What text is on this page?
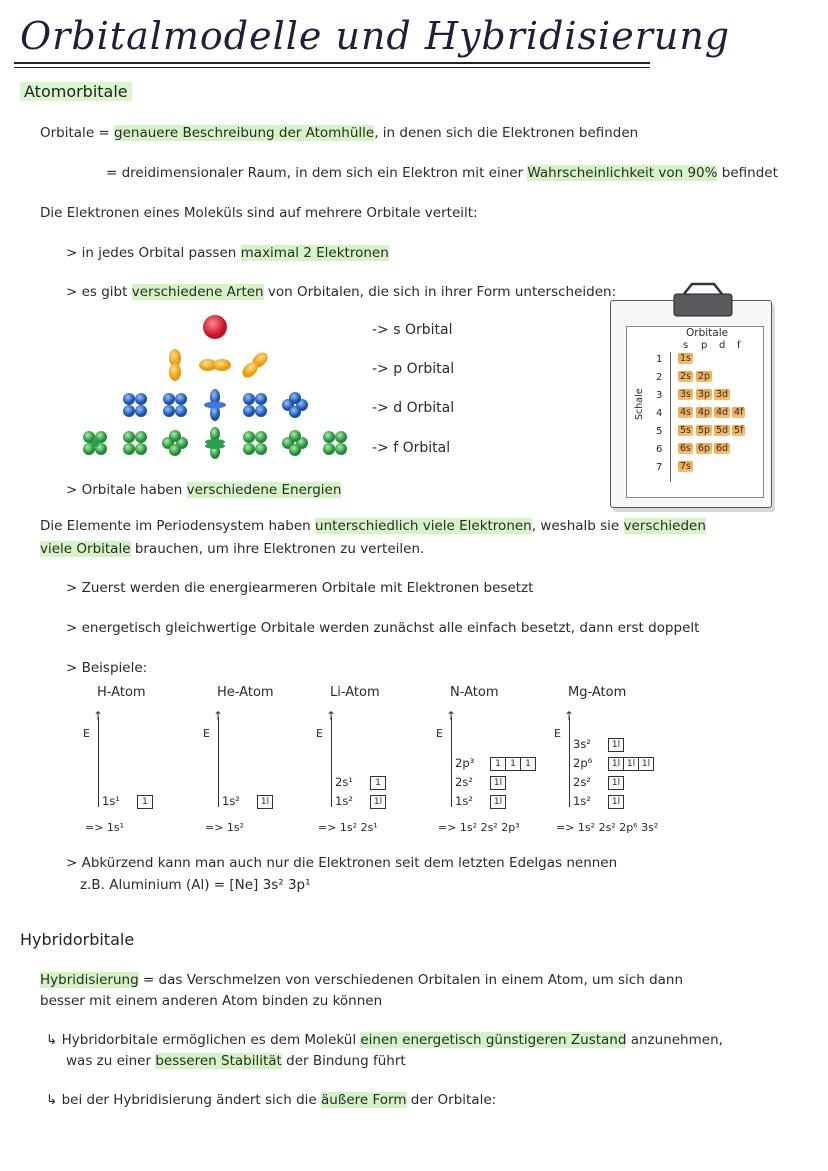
Orbitalmodelle und Hybridisierung
Atomorbitale
Orbitale = genauere Beschreibung der Atomhülle, in denen sich die Elektronen befinden
= dreidimensionaler Raum, in dem sich ein Elektron mit einer Wahrscheinlichkeit von 90% befindet
Die Elektronen eines Moleküls sind auf mehrere Orbitale verteilt:
> in jedes Orbital passen maximal 2 Elektronen
> es gibt verschiedene Arten von Orbitalen, die sich in ihrer Form unterscheiden:
-> s Orbital
-> p Orbital
-> d Orbital
-> f Orbital
> Orbitale haben verschiedene Energien
Orbitale
s p d f
Schale
1 1s
2 2s 2p
3 3s 3p 3d
4 4s 4p 4d 4f
5 5s 5p 5d 5f
6 6s 6p 6d
7 7s
Die Elemente im Periodensystem haben unterschiedlich viele Elektronen, weshalb sie verschieden
viele Orbitale brauchen, um ihre Elektronen zu verteilen.
> Zuerst werden die energiearmeren Orbitale mit Elektronen besetzt
> energetisch gleichwertige Orbitale werden zunächst alle einfach besetzt, dann erst doppelt
> Beispiele:
H-Atom
E
↑
1s¹	1
=> 1s¹
He-Atom
E
↑
1s²	1l
=> 1s²
Li-Atom
E
↑
2s¹	1
1s²	1l
=> 1s² 2s¹
N-Atom
E
↑
2p³	1	1	1
2s²	1l
1s²	1l
=> 1s² 2s² 2p³
Mg-Atom
E
↑
3s²	1l
2p⁶	1l 1l 1l
2s²	1l
1s²	1l
=> 1s² 2s² 2p⁶ 3s²
> Abkürzend kann man auch nur die Elektronen seit dem letzten Edelgas nennen
z.B. Aluminium (Al) = [Ne] 3s² 3p¹
Hybridorbitale
Hybridisierung = das Verschmelzen von verschiedenen Orbitalen in einem Atom, um sich dann
besser mit einem anderen Atom binden zu können
↳ Hybridorbitale ermöglichen es dem Molekül einen energetisch günstigeren Zustand anzunehmen,
was zu einer besseren Stabilität der Bindung führt
↳ bei der Hybridisierung ändert sich die äußere Form der Orbitale:
